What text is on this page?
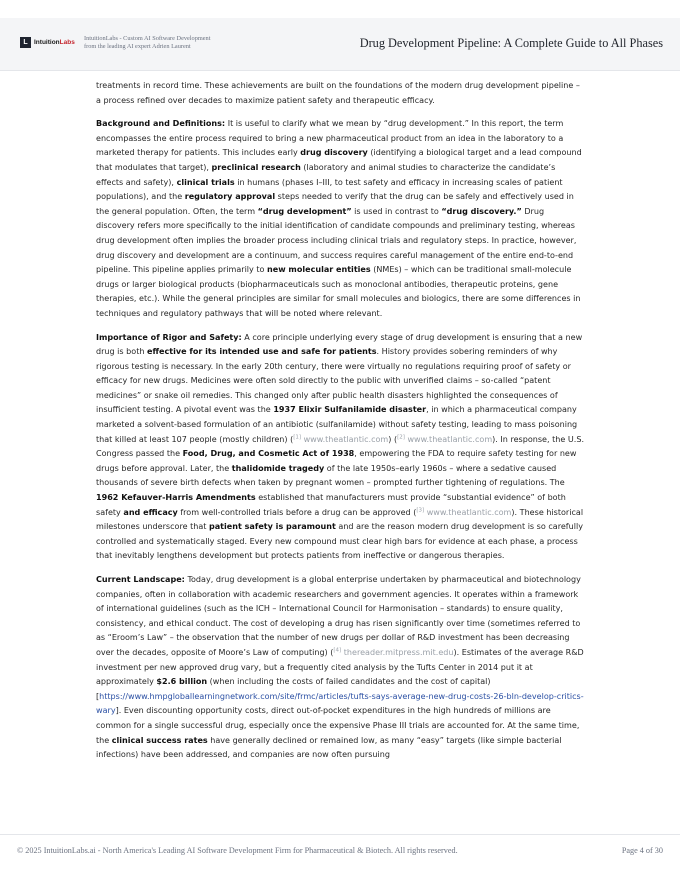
L Intuition Labs IntuitionLabs - Custom AI Software Development
from the leading AI expert Adrien Laurent	Drug Development Pipeline: A Complete Guide to All Phases

treatments in record time. These achievements are built on the foundations of the modern drug development pipeline – a process refined over decades to maximize patient safety and therapeutic efficacy.

Background and Definitions: It is useful to clarify what we mean by “drug development.” In this report, the term encompasses the entire process required to bring a new pharmaceutical product from an idea in the laboratory to a marketed therapy for patients. This includes early drug discovery (identifying a biological target and a lead compound that modulates that target), preclinical research (laboratory and animal studies to characterize the candidate’s effects and safety), clinical trials in humans (phases I–III, to test safety and efficacy in increasing scales of patient populations), and the regulatory approval steps needed to verify that the drug can be safely and effectively used in the general population. Often, the term “drug development” is used in contrast to “drug discovery.” Drug discovery refers more specifically to the initial identification of candidate compounds and preliminary testing, whereas drug development often implies the broader process including clinical trials and regulatory steps. In practice, however, drug discovery and development are a continuum, and success requires careful management of the entire end-to-end pipeline. This pipeline applies primarily to new molecular entities (NMEs) – which can be traditional small-molecule drugs or larger biological products (biopharmaceuticals such as monoclonal antibodies, therapeutic proteins, gene therapies, etc.). While the general principles are similar for small molecules and biologics, there are some differences in techniques and regulatory pathways that will be noted where relevant.

Importance of Rigor and Safety: A core principle underlying every stage of drug development is ensuring that a new drug is both effective for its intended use and safe for patients. History provides sobering reminders of why rigorous testing is necessary. In the early 20th century, there were virtually no regulations requiring proof of safety or efficacy for new drugs. Medicines were often sold directly to the public with unverified claims – so-called “patent medicines” or snake oil remedies. This changed only after public health disasters highlighted the consequences of insufficient testing. A pivotal event was the 1937 Elixir Sulfanilamide disaster, in which a pharmaceutical company marketed a solvent-based formulation of an antibiotic (sulfanilamide) without safety testing, leading to mass poisoning that killed at least 107 people (mostly children) ([1] www.theatlantic.com) ([2] www.theatlantic.com). In response, the U.S. Congress passed the Food, Drug, and Cosmetic Act of 1938, empowering the FDA to require safety testing for new drugs before approval. Later, the thalidomide tragedy of the late 1950s–early 1960s – where a sedative caused thousands of severe birth defects when taken by pregnant women – prompted further tightening of regulations. The 1962 Kefauver-Harris Amendments established that manufacturers must provide “substantial evidence” of both safety and efficacy from well-controlled trials before a drug can be approved ([3] www.theatlantic.com). These historical milestones underscore that patient safety is paramount and are the reason modern drug development is so carefully controlled and systematically staged. Every new compound must clear high bars for evidence at each phase, a process that inevitably lengthens development but protects patients from ineffective or dangerous therapies.

Current Landscape: Today, drug development is a global enterprise undertaken by pharmaceutical and biotechnology companies, often in collaboration with academic researchers and government agencies. It operates within a framework of international guidelines (such as the ICH – International Council for Harmonisation – standards) to ensure quality, consistency, and ethical conduct. The cost of developing a drug has risen significantly over time (sometimes referred to as “Eroom’s Law” – the observation that the number of new drugs per dollar of R&D investment has been decreasing over the decades, opposite of Moore’s Law of computing) ([4] thereader.mitpress.mit.edu). Estimates of the average R&D investment per new approved drug vary, but a frequently cited analysis by the Tufts Center in 2014 put it at approximately $2.6 billion (when including the costs of failed candidates and the cost of capital) [https://www.hmpgloballearningnetwork.com/site/frmc/articles/tufts-says-average-new-drug-costs-26-bln-develop-critics-wary]. Even discounting opportunity costs, direct out-of-pocket expenditures in the high hundreds of millions are common for a single successful drug, especially once the expensive Phase III trials are accounted for. At the same time, the clinical success rates have generally declined or remained low, as many “easy” targets (like simple bacterial infections) have been addressed, and companies are now often pursuing

© 2025 IntuitionLabs.ai - North America's Leading AI Software Development Firm for Pharmaceutical & Biotech. All rights reserved.	Page 4 of 30
